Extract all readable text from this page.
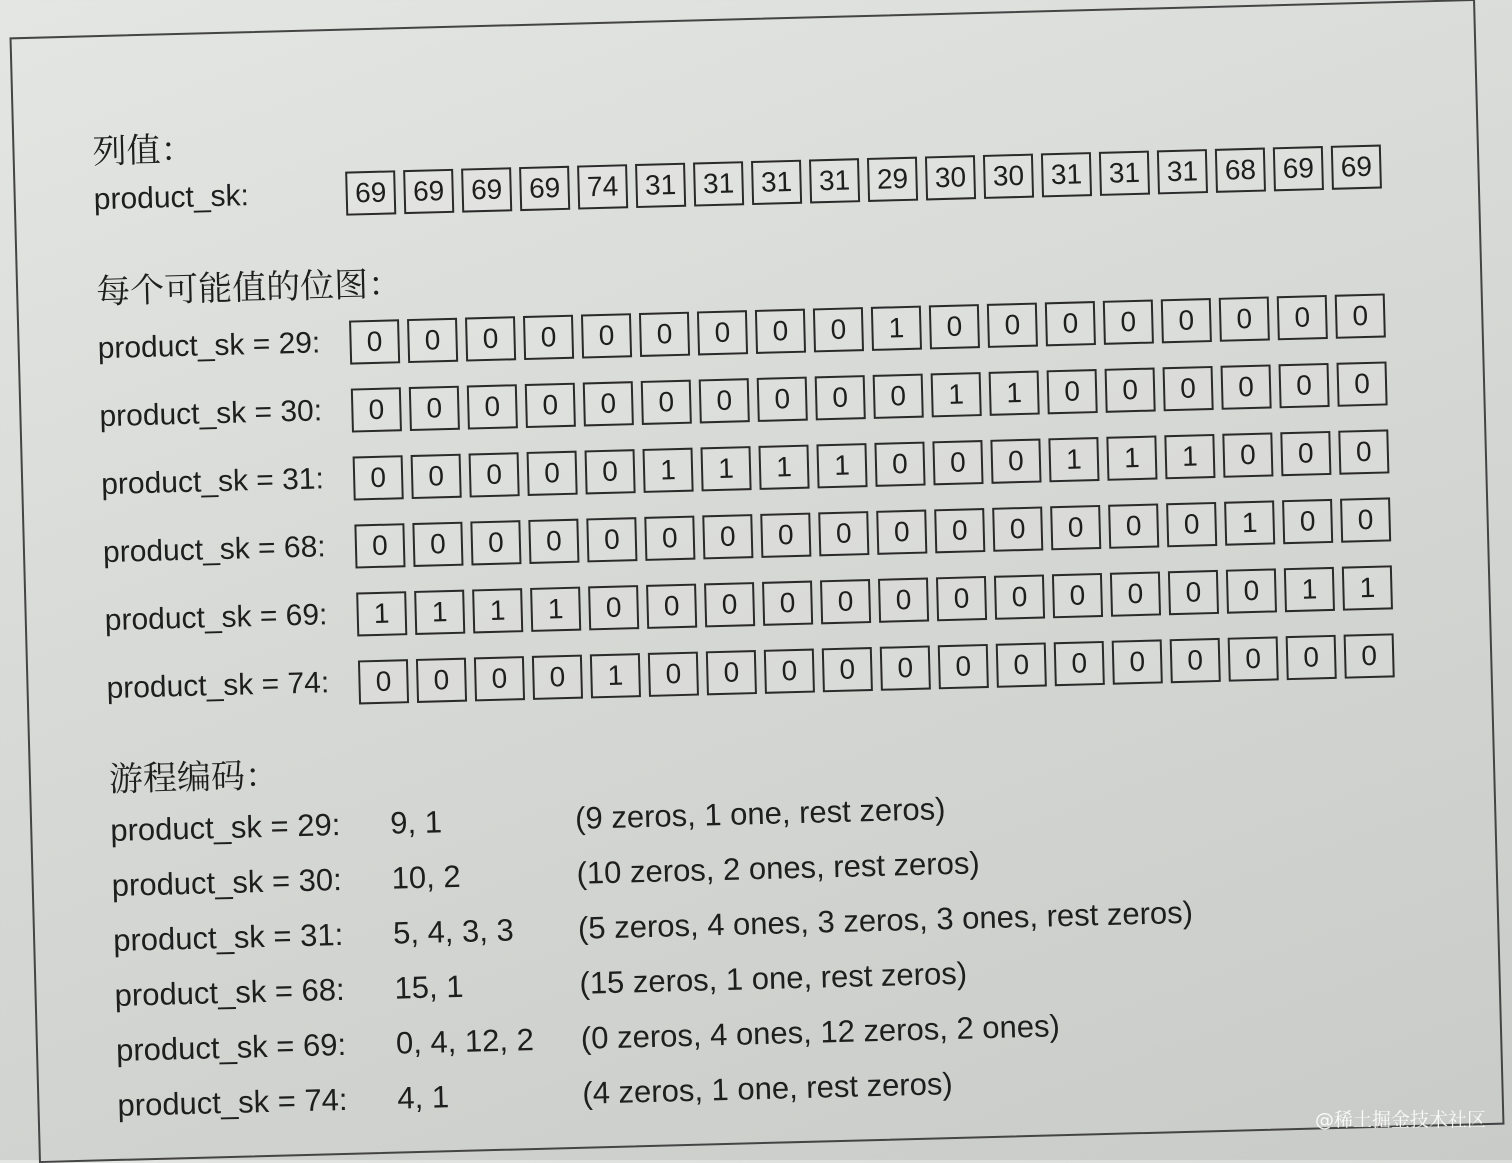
列值：
product_sk:	69 69 69 69 74 31 31 31 31 29 30 30 31 31 31 68 69 69
每个可能值的位图：
product_sk = 29:	0	0	0	0	0	0	0	0	0	1	0	0	0	0	0	0	0	0
product_sk = 30:	0	0	0	0	0	0	0	0	0	0	1	1	0	0	0	0	0	0
product_sk = 31:	0	0	0	0	0	1	1	1	1	0	0	0	1	1	1	0	0	0
product_sk = 68:	0	0	0	0	0	0	0	0	0	0	0	0	0	0	0	1	0	0
product_sk = 69:	1	1	1	1	0	0	0	0	0	0	0	0	0	0	0	0	1	1
product_sk = 74:	0	0	0	0	1	0	0	0	0	0	0	0	0	0	0	0	0	0
游程编码：
product_sk = 29:	9, 1	(9 zeros, 1 one, rest zeros)
product_sk = 30:	10, 2	(10 zeros, 2 ones, rest zeros)
product_sk = 31:	5, 4, 3, 3	(5 zeros, 4 ones, 3 zeros, 3 ones, rest zeros)
product_sk = 68:	15, 1	(15 zeros, 1 one, rest zeros)
product_sk = 69:	0, 4, 12, 2	(0 zeros, 4 ones, 12 zeros, 2 ones)
product_sk = 74:	4, 1	(4 zeros, 1 one, rest zeros)
@稀土掘金技术社区
